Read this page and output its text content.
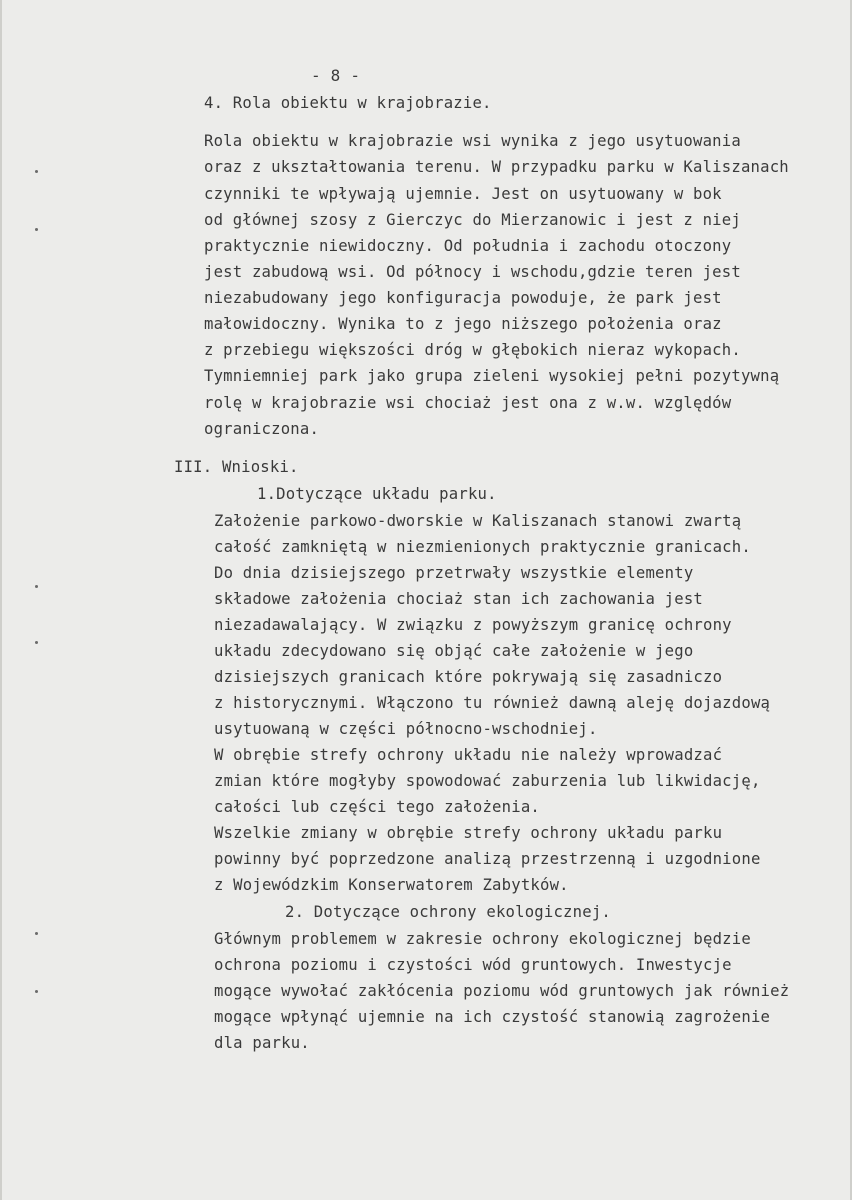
- 8 -
4. Rola obiektu w krajobrazie.
Rola obiektu w krajobrazie wsi wynika z jego usytuowania
oraz z ukształtowania terenu. W przypadku parku w Kaliszanach
czynniki te wpływają ujemnie. Jest on usytuowany w bok
od głównej szosy z Gierczyc do Mierzanowic i jest z niej
praktycznie niewidoczny. Od południa i zachodu otoczony
jest zabudową wsi. Od północy i wschodu,gdzie teren jest
niezabudowany jego konfiguracja powoduje, że park jest
małowidoczny. Wynika to z jego niższego położenia oraz
z przebiegu większości dróg w głębokich nieraz wykopach.
Tymniemniej park jako grupa zieleni wysokiej pełni pozytywną
rolę w krajobrazie wsi chociaż jest ona z w.w. względów
ograniczona.
III. Wnioski.
1.Dotyczące układu parku.
Założenie parkowo-dworskie w Kaliszanach stanowi zwartą
całość zamkniętą w niezmienionych praktycznie granicach.
Do dnia dzisiejszego przetrwały wszystkie elementy
składowe założenia chociaż stan ich zachowania jest
niezadawalający. W związku z powyższym granicę ochrony
układu zdecydowano się objąć całe założenie w jego
dzisiejszych granicach które pokrywają się zasadniczo
z historycznymi. Włączono tu również dawną aleję dojazdową
usytuowaną w części północno-wschodniej.
W obrębie strefy ochrony układu nie należy wprowadzać
zmian które mogłyby spowodować zaburzenia lub likwidację,
całości lub części tego założenia.
Wszelkie zmiany w obrębie strefy ochrony układu parku
powinny być poprzedzone analizą przestrzenną i uzgodnione
z Wojewódzkim Konserwatorem Zabytków.
2. Dotyczące ochrony ekologicznej.
Głównym problemem w zakresie ochrony ekologicznej będzie
ochrona poziomu i czystości wód gruntowych. Inwestycje
mogące wywołać zakłócenia poziomu wód gruntowych jak również
mogące wpłynąć ujemnie na ich czystość stanowią zagrożenie
dla parku.
